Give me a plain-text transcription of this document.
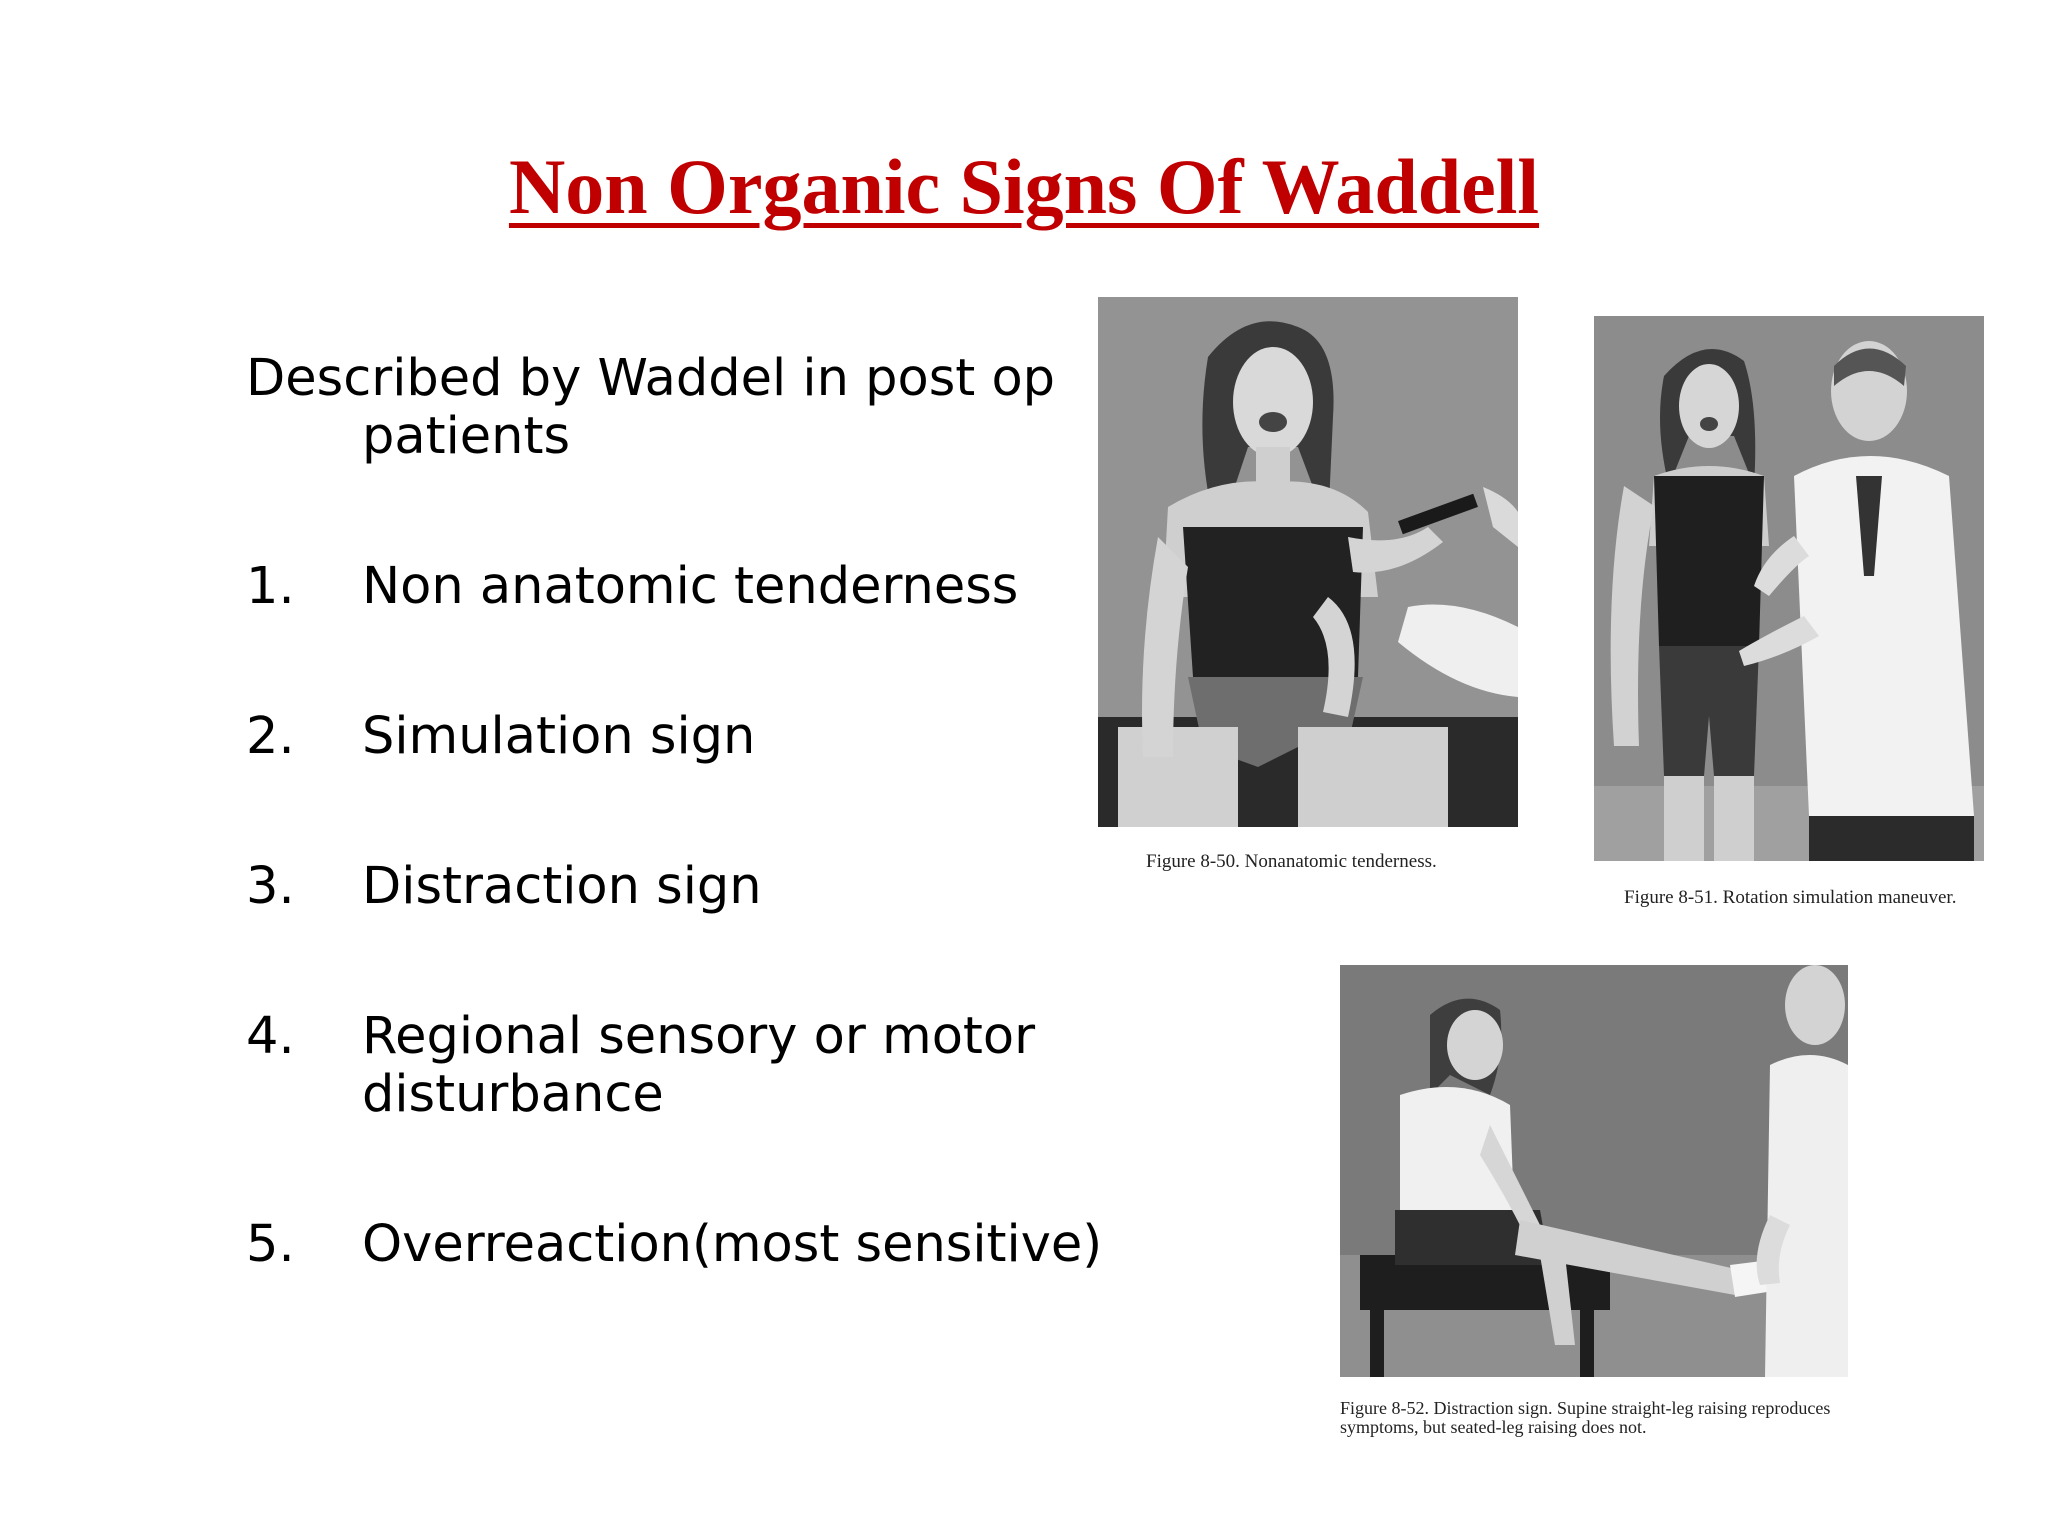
Non Organic Signs Of Waddell

Described by Waddel in post op patients

1. Non anatomic tenderness
2. Simulation sign
3. Distraction sign
4. Regional sensory or motor disturbance
5. Overreaction(most sensitive)
Figure 8-50. Nonanatomic tenderness.
Figure 8-51. Rotation simulation maneuver.
Figure 8-52. Distraction sign. Supine straight-leg raising reproduces symptoms, but seated-leg raising does not.
